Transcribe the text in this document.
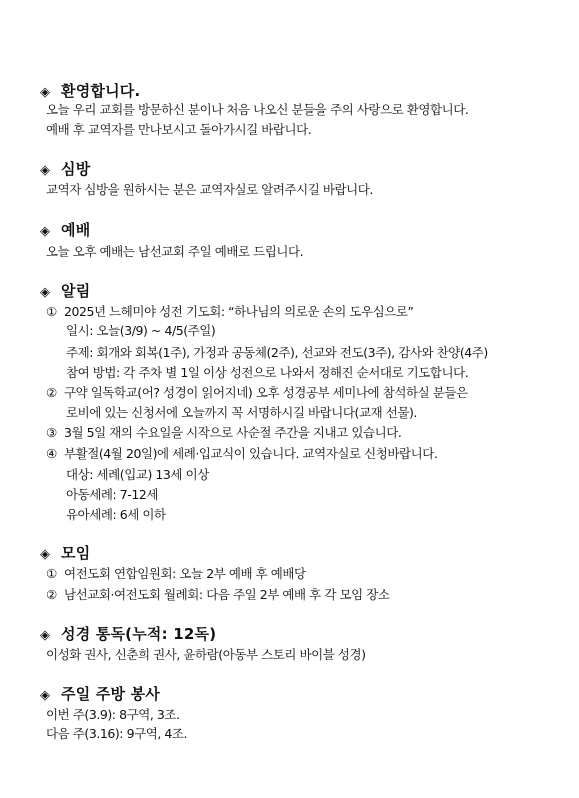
◈ 환영합니다.
오늘 우리 교회를 방문하신 분이나 처음 나오신 분들을 주의 사랑으로 환영합니다.
예배 후 교역자를 만나보시고 돌아가시길 바랍니다.
◈ 심방
교역자 심방을 원하시는 분은 교역자실로 알려주시길 바랍니다.
◈ 예배
오늘 오후 예배는 남선교회 주일 예배로 드립니다.
◈ 알림
① 2025년 느헤미야 성전 기도회: “하나님의 의로운 손의 도우심으로”
일시: 오늘(3/9) ~ 4/5(주일)
주제: 회개와 회복(1주), 가정과 공동체(2주), 선교와 전도(3주), 감사와 찬양(4주)
참여 방법: 각 주차 별 1일 이상 성전으로 나와서 정해진 순서대로 기도합니다.
② 구약 일독학교(어? 성경이 읽어지네) 오후 성경공부 세미나에 참석하실 분들은
로비에 있는 신청서에 오늘까지 꼭 서명하시길 바랍니다(교재 선물).
③ 3월 5일 재의 수요일을 시작으로 사순절 주간을 지내고 있습니다.
④ 부활절(4월 20일)에 세례·입교식이 있습니다. 교역자실로 신청바랍니다.
대상: 세례(입교) 13세 이상
아동세례: 7-12세
유아세례: 6세 이하
◈ 모임
① 여전도회 연합임원회: 오늘 2부 예배 후 예배당
② 남선교회·여전도회 월례회: 다음 주일 2부 예배 후 각 모임 장소
◈ 성경 통독(누적: 12독)
이성화 권사, 신춘희 권사, 윤하람(아동부 스토리 바이블 성경)
◈ 주일 주방 봉사
이번 주(3.9): 8구역, 3조.
다음 주(3.16): 9구역, 4조.
